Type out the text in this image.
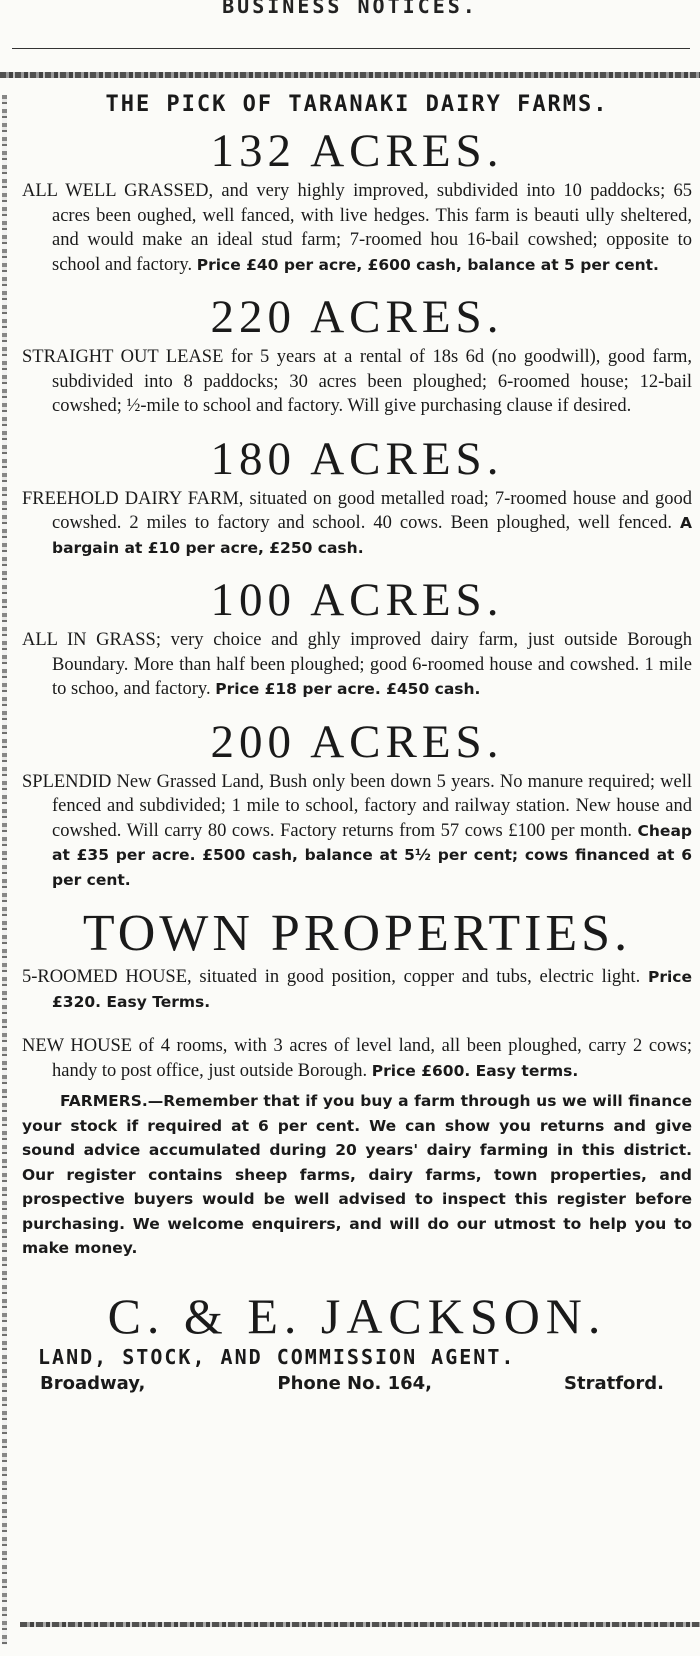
BUSINESS NOTICES.
THE PICK OF TARANAKI DAIRY FARMS.
132 ACRES.

ALL WELL GRASSED, and very highly improved, subdivided into 10 paddocks; 65 acres been oughed, well fanced, with live hedges. This farm is beauti ully sheltered, and would make an ideal stud farm; 7-roomed hou 16-bail cowshed; opposite to school and factory. Price £40 per acre, £600 cash, balance at 5 per cent.

220 ACRES.

STRAIGHT OUT LEASE for 5 years at a rental of 18s 6d (no goodwill), good farm, subdivided into 8 paddocks; 30 acres been ploughed; 6-roomed house; 12-bail cowshed; ½-mile to school and factory. Will give purchasing clause if desired.

180 ACRES.

FREEHOLD DAIRY FARM, situated on good metalled road; 7-roomed house and good cowshed. 2 miles to factory and school. 40 cows. Been ploughed, well fenced. A bargain at £10 per acre, £250 cash.

100 ACRES.

ALL IN GRASS; very choice and ghly improved dairy farm, just outside Borough Boundary. More than half been ploughed; good 6-roomed house and cowshed. 1 mile to schoo, and factory. Price £18 per acre. £450 cash.

200 ACRES.

SPLENDID New Grassed Land, Bush only been down 5 years. No manure required; well fenced and subdivided; 1 mile to school, factory and railway station. New house and cowshed. Will carry 80 cows. Factory returns from 57 cows £100 per month. Cheap at £35 per acre. £500 cash, balance at 5½ per cent; cows financed at 6 per cent.

TOWN PROPERTIES.

5-ROOMED HOUSE, situated in good position, copper and tubs, electric light. Price £320. Easy Terms.

NEW HOUSE of 4 rooms, with 3 acres of level land, all been ploughed, carry 2 cows; handy to post office, just outside Borough. Price £600. Easy terms.

FARMERS.—Remember that if you buy a farm through us we will finance your stock if required at 6 per cent. We can show you returns and give sound advice accumulated during 20 years' dairy farming in this district. Our register contains sheep farms, dairy farms, town properties, and prospective buyers would be well advised to inspect this register before purchasing. We welcome enquirers, and will do our utmost to help you to make money.

C. & E. JACKSON.
LAND, STOCK, AND COMMISSION AGENT.
Broadway,	Phone No. 164,	Stratford.
